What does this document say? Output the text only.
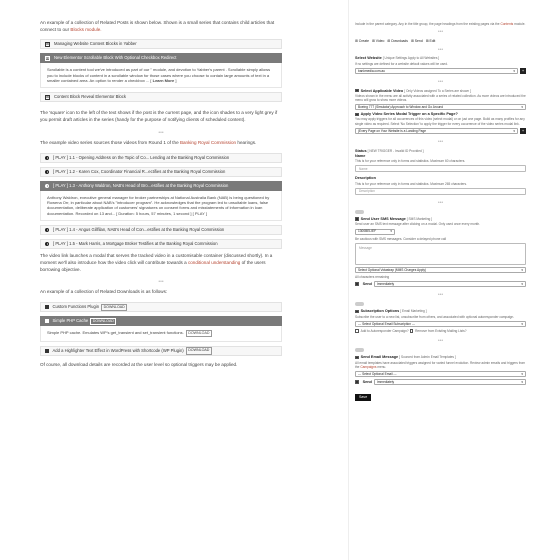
An example of a collection of Related Posts is shown below. Shown is a small series that contains child articles that connect to our Blocks module.

⊞ Managing Website Content Blocks in Yabber
⊟ New Elementor Scrollable Block With Optional Checkbox Redirect
Scrollable is a content tool we've introduced as part of our " module, and devotion to Yabber's parent . Scrollable simply allows you to include blocks of content in a scrollable window for those cases where you choose to contain large amounts of text in a smaller contained area. An option to render a checkbox ... [ Learn More ]
⊞ Content Block Reveal Elementor Block

The 'square' icon to the left of the text shows if the post is the current page, and the icon shades to a very light grey if you permit draft articles in the series (handy for the purpose of notifying clients of scheduled content).

•••

The example video series sources those videos from Round 1 of the Banking Royal Commission hearings.

[ PLAY ] 1.1 - Opening Address on the Topic of Co... Lending at the Banking Royal Commission
[ PLAY ] 1.2 - Karen Cox, Coordinator Financial R...ectifies at the Banking Royal Commission
[ PLAY ] 1.3 - Anthony Waldron, NAB's Head of Bro...estifies at the Banking Royal Commission
Anthony Waldron, executive general manager for broker partnerships at National Australia Bank (NAB) is being questioned by Rowena Orr, in particular about NAB's "introducer program". He acknowledges that the program led to unsuitable loans, false documentation, deliberate application of customers' signatures on consent forms and misstatements of information in loan documentation. Recorded on 13 and... [ Duration: 5 hours, 57 minutes, 1 second ] [ PLAY ]
[ PLAY ] 1.4 - Angus Gillfilan, NAB's Head of Con...estifies at the Banking Royal Commission
[ PLAY ] 1.5 - Mark Harris, a Mortgage Broker Testifies at the Banking Royal Commission

The video link launches a modal that serves the tracked video in a customisable container (discussed shortly). In a moment we'll also introduce how the video click will contribute towards a conditional understanding of the users borrowing objective.

•••

An example of a collection of Related Downloads is as follows:

Custom Functions Plugin	DOWNLOAD
Simple PHP Cache	DOWNLOAD
Simple PHP cache. Emulates WP's get_transient and set_transient functions. DOWNLOAD
Add a Highlighter Text Effect in WordPress with Shortcode (WP Plugin)	DOWNLOAD

Of course, all download details are recorded at the user level so optional triggers may be applied.

Include in the parent category. Any in the title group, the page headings from the existing pages via the Contents module.
•••
⊞ Create ⊞ Video ⊞ Downloads ⊞ Send ⊞ Edit
•••
Select Website [ Unique Settings Apply to All Websites ]
If no settings are defined for a website default values will be used.
bankmedia.com.au	▾	+
•••
Select Applicable Video [ Only Videos assigned To a Series are shown ]
Videos shown in the menu are all activity associated with a series of related collection. As more videos are introduced the menu will grow to show more videos.
Boeing 777 (Simulator) Approach to Window and Go Around	▾
Apply Video Series Modal Trigger on a Specific Page?
You may apply triggers for all occurrences of this video (select modal) or on just one page. Build as many profiles for any single video as required. Select 'No Selection' to apply the trigger for every occurrence of the video series modal link.
(Every Page on Your Website is a Landing Page	▾	+
•••
Status [ NEW TRIGGER - Invalid ID Provided ]
Name
This is for your reference only in forms and statistics. Maximum 60 characters.
Name
Description
This is for your reference only in forms and statistics. Maximum 265 characters.
Description
•••
Send User SMS Message [ SMS Marketing ]
Send user an SMS text message after clicking on a modal. Only used once every month.
1300BELIEF	▾
Be cautious with SMS messages. Consider a delayed phone call
Message
Select Optional Votastrap (MMS Charges Apply)	▾
All characters remaining
Send Immediately	▾
•••
Subscription Options [ Email Marketing ]
Subscribe the user to a new list, unsubscribe from others, and associated with optional autoresponder campaign.
--- Select Optional Email Subscription ---	▾
Add to Autoresponder Campaign? Remove from Existing Mailing Lists?
•••
Send Email Message [ Sourced from Admin Email Templates ]
All email templates have associated triggers assigned for varied funnel evolution. Review admin emails and triggers from the Campaigns menu.
--- Select Optional Email ---	▾
Send Immediately	▾
Save
